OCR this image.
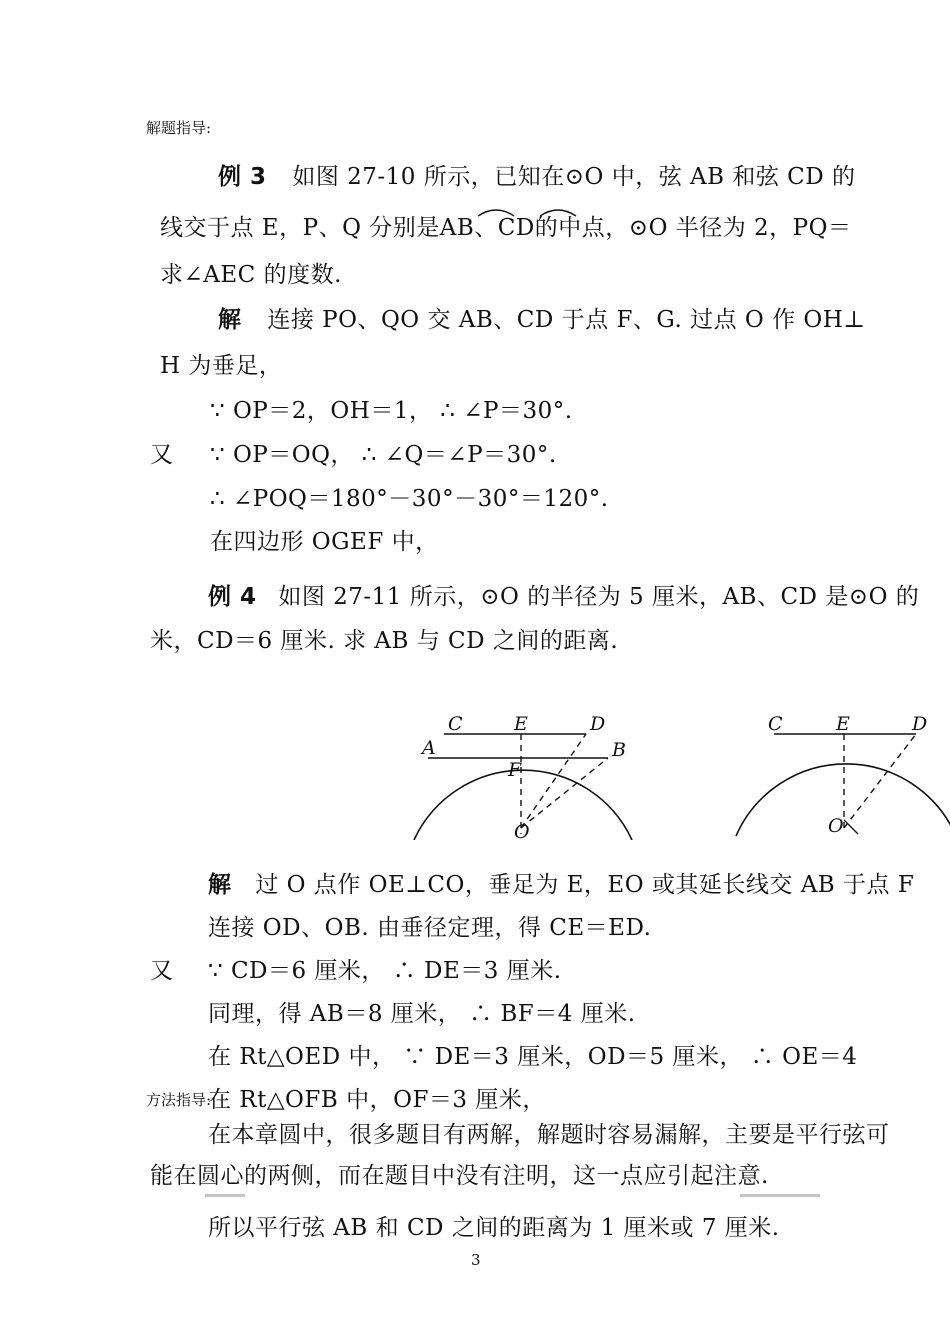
解题指导:
例 3 如图 27-10 所示，已知在⊙O 中，弦 AB 和弦 CD 的
线交于点 E，P、Q 分别是AB、CD的中点，⊙O 半径为 2，PQ＝
求∠AEC 的度数.
解 连接 PO、QO 交 AB、CD 于点 F、G. 过点 O 作 OH⊥
H 为垂足，
∵ OP＝2，OH＝1， ∴ ∠P＝30°.
又 ∵ OP＝OQ， ∴ ∠Q＝∠P＝30°.
∴ ∠POQ＝180°－30°－30°＝120°.
在四边形 OGEF 中，
例 4 如图 27-11 所示，⊙O 的半径为 5 厘米，AB、CD 是⊙O 的
米，CD＝6 厘米. 求 AB 与 CD 之间的距离.
C	E	D
A	B
F
O
C	E	D
O
解 过 O 点作 OE⊥CO，垂足为 E，EO 或其延长线交 AB 于点 F
连接 OD、OB. 由垂径定理，得 CE＝ED.
又 ∵ CD＝6 厘米， ∴ DE＝3 厘米.
同理，得 AB＝8 厘米， ∴ BF＝4 厘米.
在 Rt△OED 中， ∵ DE＝3 厘米，OD＝5 厘米， ∴ OE＝4
在 Rt△OFB 中，OF＝3 厘米，
方法指导:
在本章圆中，很多题目有两解，解题时容易漏解，主要是平行弦可
能在圆心的两侧，而在题目中没有注明，这一点应引起注意.
所以平行弦 AB 和 CD 之间的距离为 1 厘米或 7 厘米.
3
